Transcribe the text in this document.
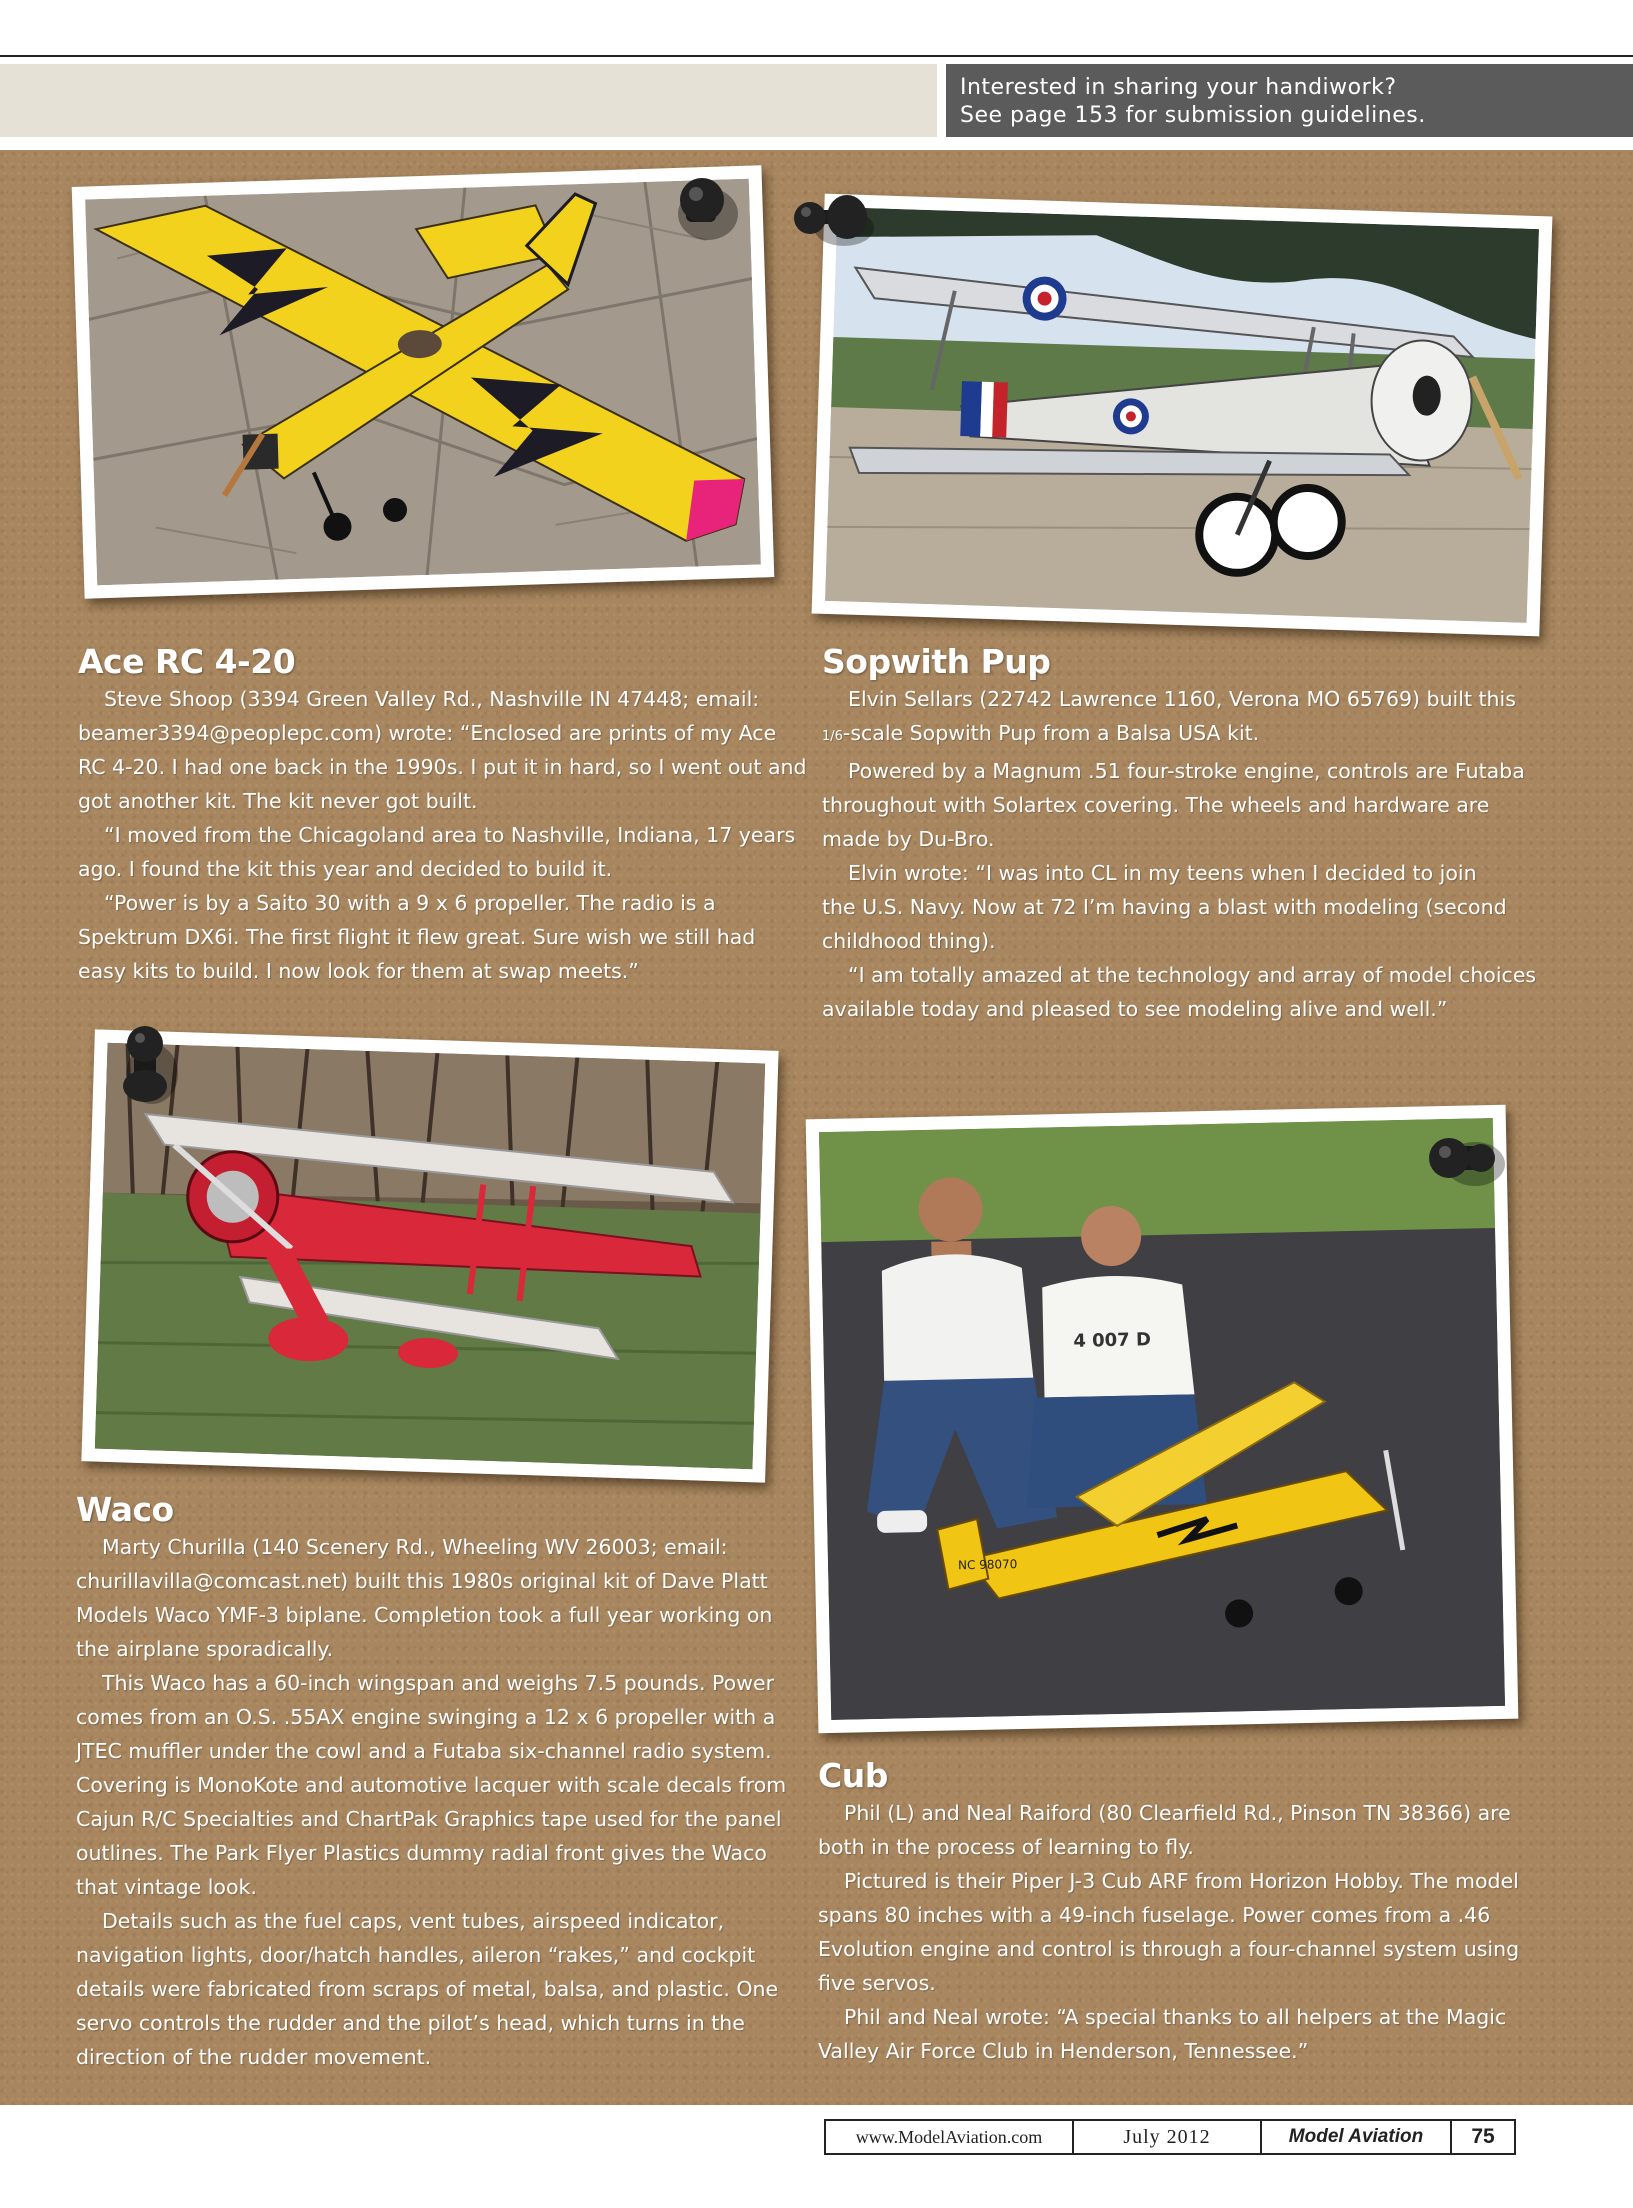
Interested in sharing your handiwork?
See page 153 for submission guidelines.
4 007 D
NC 98070
Ace RC 4-20

Steve Shoop (3394 Green Valley Rd., Nashville IN 47448; email:
beamer3394@peoplepc.com) wrote: “Enclosed are prints of my Ace
RC 4-20. I had one back in the 1990s. I put it in hard, so I went out and
got another kit. The kit never got built.

“I moved from the Chicagoland area to Nashville, Indiana, 17 years
ago. I found the kit this year and decided to build it.

“Power is by a Saito 30 with a 9 x 6 propeller. The radio is a
Spektrum DX6i. The first flight it flew great. Sure wish we still had
easy kits to build. I now look for them at swap meets.”

Sopwith Pup

Elvin Sellars (22742 Lawrence 1160, Verona MO 65769) built this
1/6-scale Sopwith Pup from a Balsa USA kit.

Powered by a Magnum .51 four-stroke engine, controls are Futaba
throughout with Solartex covering. The wheels and hardware are
made by Du-Bro.

Elvin wrote: “I was into CL in my teens when I decided to join
the U.S. Navy. Now at 72 I’m having a blast with modeling (second
childhood thing).

“I am totally amazed at the technology and array of model choices
available today and pleased to see modeling alive and well.”

Waco

Marty Churilla (140 Scenery Rd., Wheeling WV 26003; email:
churillavilla@comcast.net) built this 1980s original kit of Dave Platt
Models Waco YMF-3 biplane. Completion took a full year working on
the airplane sporadically.

This Waco has a 60-inch wingspan and weighs 7.5 pounds. Power
comes from an O.S. .55AX engine swinging a 12 x 6 propeller with a
JTEC muffler under the cowl and a Futaba six-channel radio system.
Covering is MonoKote and automotive lacquer with scale decals from
Cajun R/C Specialties and ChartPak Graphics tape used for the panel
outlines. The Park Flyer Plastics dummy radial front gives the Waco
that vintage look.

Details such as the fuel caps, vent tubes, airspeed indicator,
navigation lights, door/hatch handles, aileron “rakes,” and cockpit
details were fabricated from scraps of metal, balsa, and plastic. One
servo controls the rudder and the pilot’s head, which turns in the
direction of the rudder movement.

Cub

Phil (L) and Neal Raiford (80 Clearfield Rd., Pinson TN 38366) are
both in the process of learning to fly.

Pictured is their Piper J-3 Cub ARF from Horizon Hobby. The model
spans 80 inches with a 49-inch fuselage. Power comes from a .46
Evolution engine and control is through a four-channel system using
five servos.

Phil and Neal wrote: “A special thanks to all helpers at the Magic
Valley Air Force Club in Henderson, Tennessee.”

www.ModelAviation.com	July 2012	Model Aviation	75
